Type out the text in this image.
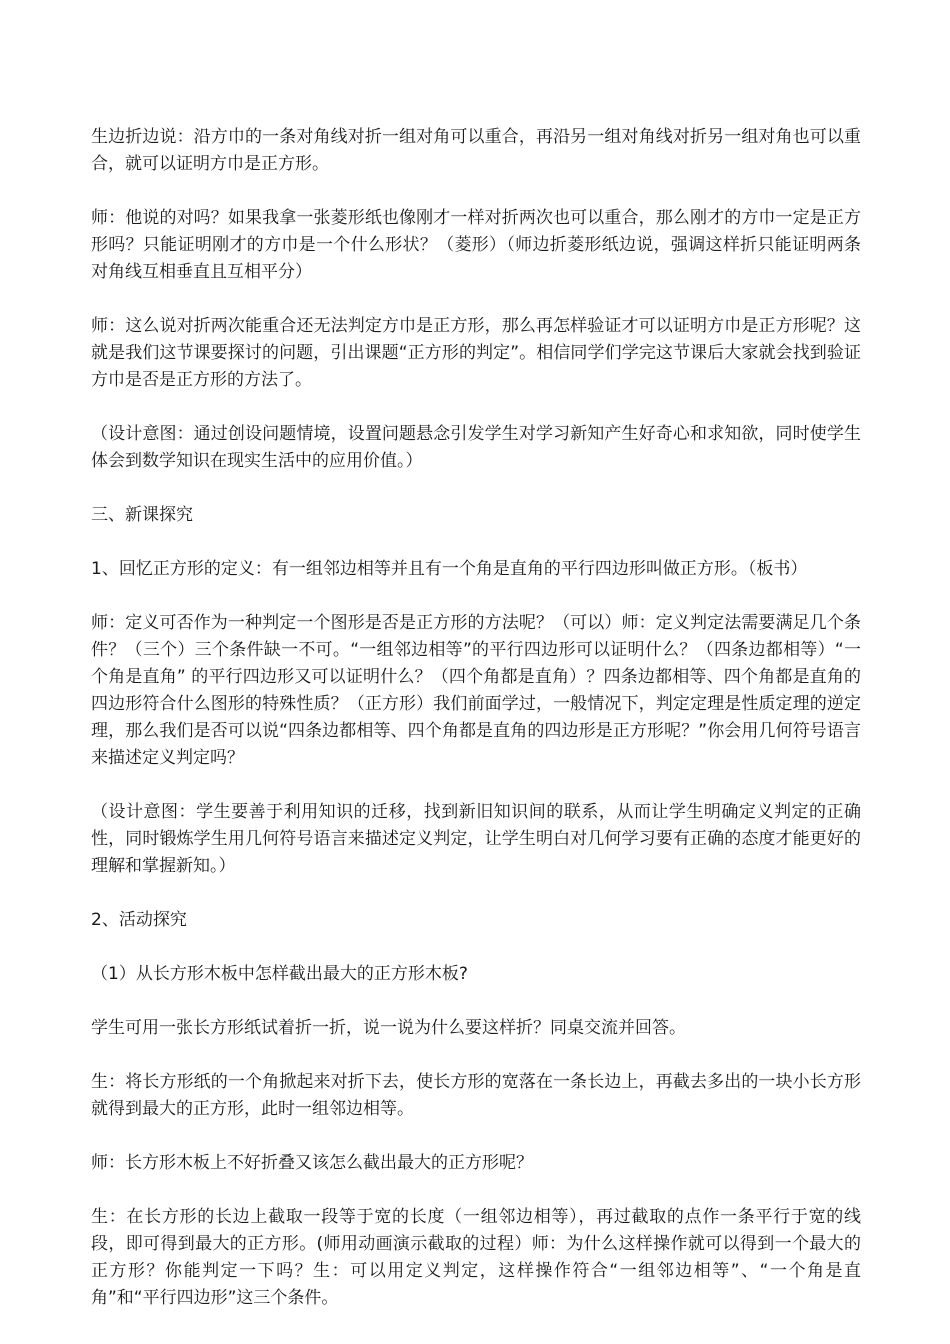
生边折边说：沿方巾的一条对角线对折一组对角可以重合，再沿另一组对角线对折另一组对角也可以重合，就可以证明方巾是正方形。

师：他说的对吗？如果我拿一张菱形纸也像刚才一样对折两次也可以重合，那么刚才的方巾一定是正方形吗？只能证明刚才的方巾是一个什么形状？（菱形）（师边折菱形纸边说，强调这样折只能证明两条对角线互相垂直且互相平分）

师：这么说对折两次能重合还无法判定方巾是正方形，那么再怎样验证才可以证明方巾是正方形呢？这就是我们这节课要探讨的问题，引出课题“正方形的判定”。相信同学们学完这节课后大家就会找到验证方巾是否是正方形的方法了。

（设计意图：通过创设问题情境，设置问题悬念引发学生对学习新知产生好奇心和求知欲，同时使学生体会到数学知识在现实生活中的应用价值。）

三、新课探究

1、回忆正方形的定义：有一组邻边相等并且有一个角是直角的平行四边形叫做正方形。（板书）

师：定义可否作为一种判定一个图形是否是正方形的方法呢？（可以）师：定义判定法需要满足几个条件？（三个）三个条件缺一不可。“一组邻边相等”的平行四边形可以证明什么？（四条边都相等）“一个角是直角” 的平行四边形又可以证明什么？（四个角都是直角）？四条边都相等、四个角都是直角的四边形符合什么图形的特殊性质？（正方形）我们前面学过，一般情况下，判定定理是性质定理的逆定理，那么我们是否可以说“四条边都相等、四个角都是直角的四边形是正方形呢？”你会用几何符号语言来描述定义判定吗？

（设计意图：学生要善于利用知识的迁移，找到新旧知识间的联系，从而让学生明确定义判定的正确性，同时锻炼学生用几何符号语言来描述定义判定，让学生明白对几何学习要有正确的态度才能更好的理解和掌握新知。）

2、活动探究

（1）从长方形木板中怎样截出最大的正方形木板?

学生可用一张长方形纸试着折一折，说一说为什么要这样折？同桌交流并回答。

生：将长方形纸的一个角掀起来对折下去，使长方形的宽落在一条长边上，再截去多出的一块小长方形就得到最大的正方形，此时一组邻边相等。

师：长方形木板上不好折叠又该怎么截出最大的正方形呢？

生：在长方形的长边上截取一段等于宽的长度（一组邻边相等），再过截取的点作一条平行于宽的线段，即可得到最大的正方形。(师用动画演示截取的过程）师：为什么这样操作就可以得到一个最大的正方形？你能判定一下吗？生：可以用定义判定，这样操作符合“一组邻边相等”、“一个角是直角”和“平行四边形”这三个条件。
